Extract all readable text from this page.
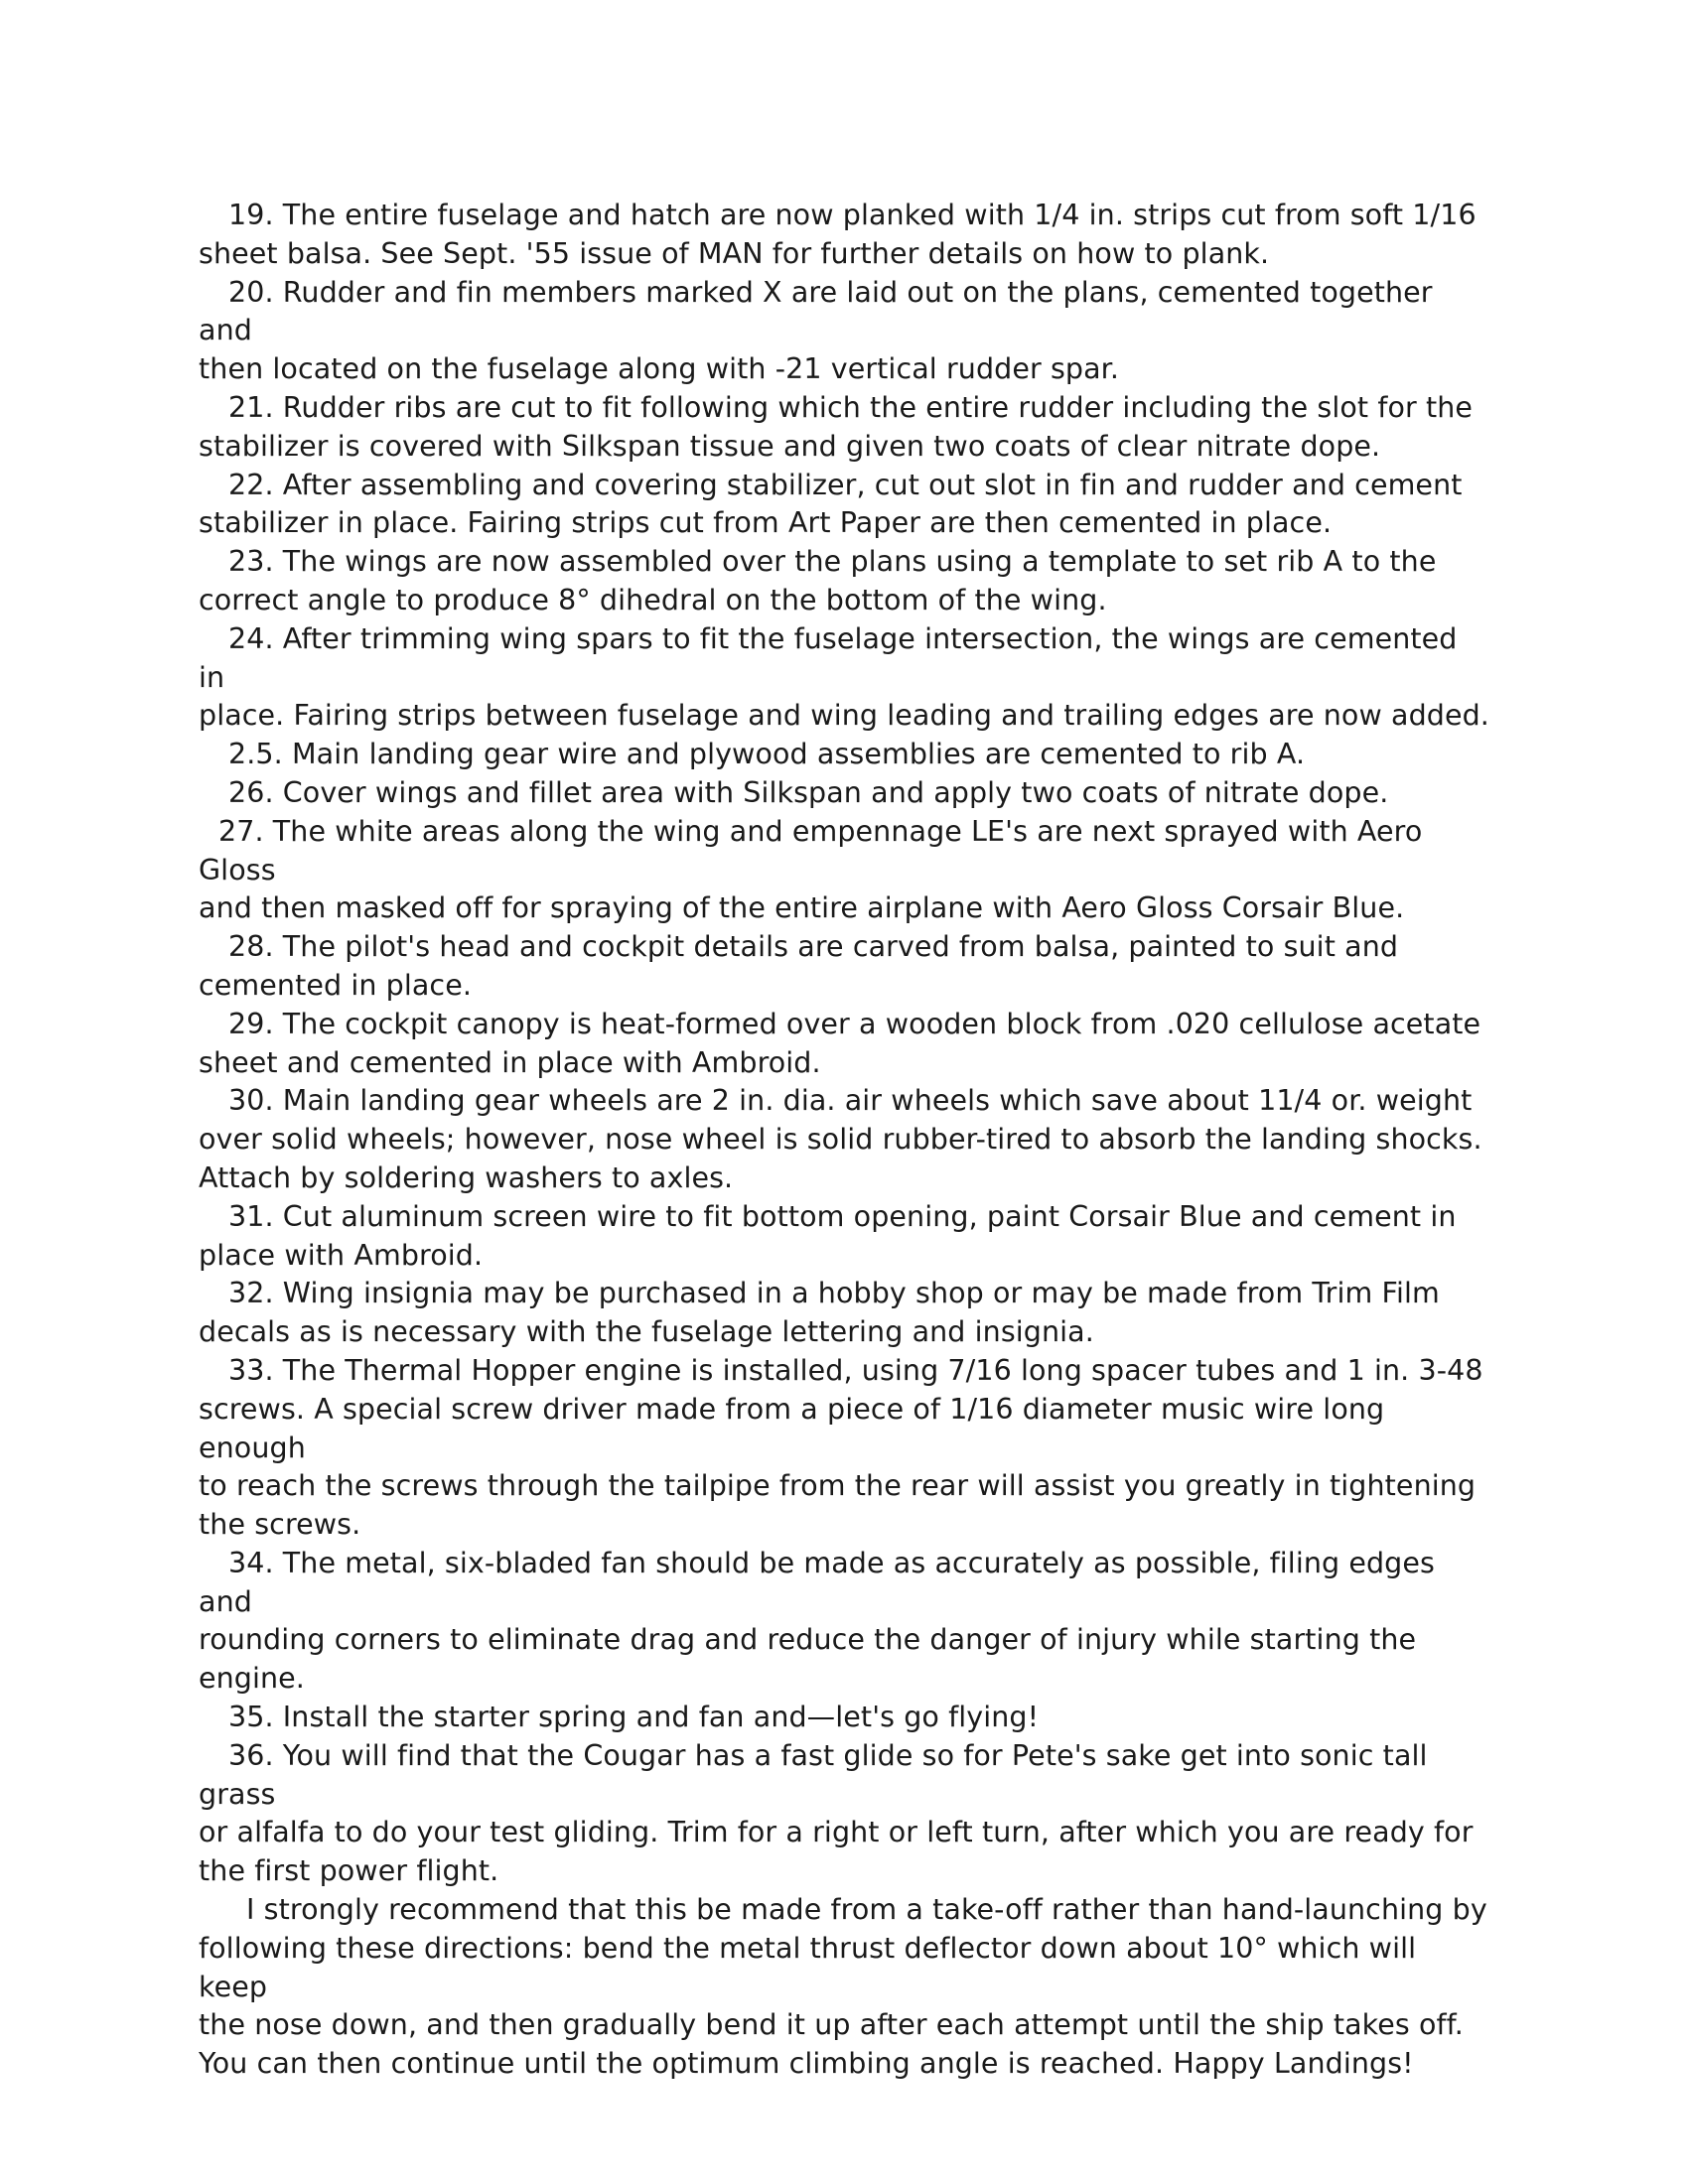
19. The entire fuselage and hatch are now planked with 1/4 in. strips cut from soft 1/16
sheet balsa. See Sept. '55 issue of MAN for further details on how to plank.

20. Rudder and fin members marked X are laid out on the plans, cemented together and
then located on the fuselage along with -21 vertical rudder spar.

21. Rudder ribs are cut to fit following which the entire rudder including the slot for the
stabilizer is covered with Silkspan tissue and given two coats of clear nitrate dope.

22. After assembling and covering stabilizer, cut out slot in fin and rudder and cement
stabilizer in place. Fairing strips cut from Art Paper are then cemented in place.

23. The wings are now assembled over the plans using a template to set rib A to the
correct angle to produce 8° dihedral on the bottom of the wing.

24. After trimming wing spars to fit the fuselage intersection, the wings are cemented in
place. Fairing strips between fuselage and wing leading and trailing edges are now added.

2.5. Main landing gear wire and plywood assemblies are cemented to rib A.

26. Cover wings and fillet area with Silkspan and apply two coats of nitrate dope.

27. The white areas along the wing and empennage LE's are next sprayed with Aero Gloss
and then masked off for spraying of the entire airplane with Aero Gloss Corsair Blue.

28. The pilot's head and cockpit details are carved from balsa, painted to suit and
cemented in place.

29. The cockpit canopy is heat-formed over a wooden block from .020 cellulose acetate
sheet and cemented in place with Ambroid.

30. Main landing gear wheels are 2 in. dia. air wheels which save about 11/4 or. weight
over solid wheels; however, nose wheel is solid rubber-tired to absorb the landing shocks.
Attach by soldering washers to axles.

31. Cut aluminum screen wire to fit bottom opening, paint Corsair Blue and cement in
place with Ambroid.

32. Wing insignia may be purchased in a hobby shop or may be made from Trim Film
decals as is necessary with the fuselage lettering and insignia.

33. The Thermal Hopper engine is installed, using 7/16 long spacer tubes and 1 in. 3-48
screws. A special screw driver made from a piece of 1/16 diameter music wire long enough
to reach the screws through the tailpipe from the rear will assist you greatly in tightening
the screws.

34. The metal, six-bladed fan should be made as accurately as possible, filing edges and
rounding corners to eliminate drag and reduce the danger of injury while starting the
engine.

35. Install the starter spring and fan and—let's go flying!

36. You will find that the Cougar has a fast glide so for Pete's sake get into sonic tall grass
or alfalfa to do your test gliding. Trim for a right or left turn, after which you are ready for
the first power flight.

I strongly recommend that this be made from a take-off rather than hand-launching by
following these directions: bend the metal thrust deflector down about 10° which will keep
the nose down, and then gradually bend it up after each attempt until the ship takes off.
You can then continue until the optimum climbing angle is reached. Happy Landings!
